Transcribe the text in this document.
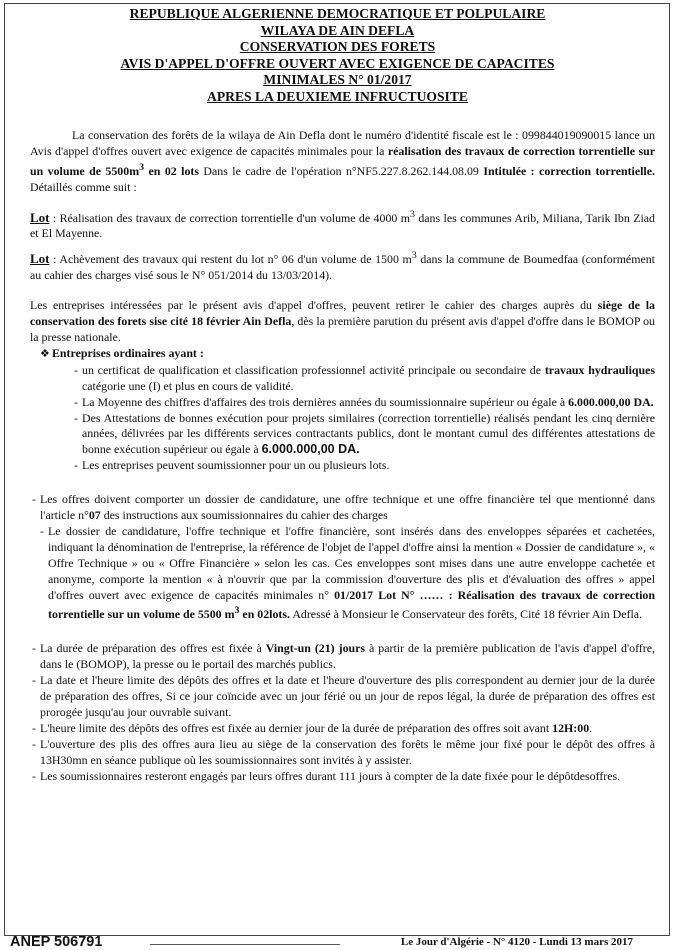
REPUBLIQUE ALGERIENNE DEMOCRATIQUE ET POLPULAIRE
WILAYA DE AIN DEFLA
CONSERVATION DES FORETS
AVIS D'APPEL D'OFFRE OUVERT AVEC EXIGENCE DE CAPACITES
MINIMALES N° 01/2017
APRES LA DEUXIEME INFRUCTUOSITE

La conservation des forêts de la wilaya de Ain Defla dont le numéro d'identité fiscale est le : 099844019090015 lance un Avis d'appel d'offres ouvert avec exigence de capacités minimales pour la réalisation des travaux de correction torrentielle sur un volume de $5500m^3$ en 02 lots Dans le cadre de l'opération n°NF5.227.8.262.144.08.09 Intitulée : correction torrentielle. Détaillés comme suit :

Lot : Réalisation des travaux de correction torrentielle d'un volume de 4000 $m^3$ dans les communes Arib, Miliana, Tarik Ibn Ziad et El Mayenne.

Lot : Achèvement des travaux qui restent du lot n° 06 d'un volume de 1500 $m^3$ dans la commune de Boumedfaa (conformément au cahier des charges visé sous le N° 051/2014 du 13/03/2014).

Les entreprises intéressées par le présent avis d'appel d'offres, peuvent retirer le cahier des charges auprès du siège de la conservation des forets sise cité 18 février Ain Defla, dès la première parution du présent avis d'appel d'offre dans le BOMOP ou la presse nationale.

❖ Entreprises ordinaires ayant :

- un certificat de qualification et classification professionnel activité principale ou secondaire de travaux hydrauliques catégorie une (I) et plus en cours de validité.

- La Moyenne des chiffres d'affaires des trois dernières années du soumissionnaire supérieur ou égale à 6.000.000,00 DA.

- Des Attestations de bonnes exécution pour projets similaires (correction torrentielle) réalisés pendant les cinq dernière années, délivrées par les différents services contractants publics, dont le montant cumul des différentes attestations de bonne exécution supérieur ou égale à 6.000.000,00 DA.

- Les entreprises peuvent soumissionner pour un ou plusieurs lots.

- Les offres doivent comporter un dossier de candidature, une offre technique et une offre financière tel que mentionné dans l'article n°07 des instructions aux soumissionnaires du cahier des charges

- Le dossier de candidature, l'offre technique et l'offre financière, sont insérés dans des enveloppes séparées et cachetées, indiquant la dénomination de l'entreprise, la référence de l'objet de l'appel d'offre ainsi la mention « Dossier de candidature », « Offre Technique » ou « Offre Financière » selon les cas. Ces enveloppes sont mises dans une autre enveloppe cachetée et anonyme, comporte la mention « à n'ouvrir que par la commission d'ouverture des plis et d'évaluation des offres » appel d'offres ouvert avec exigence de capacités minimales n° 01/2017 Lot N° …… : Réalisation des travaux de correction torrentielle sur un volume de 5500 $m^3$ en 02lots. Adressé à Monsieur le Conservateur des forêts, Cité 18 février Ain Defla.

- La durée de préparation des offres est fixée à Vingt-un (21) jours à partir de la première publication de l'avis d'appel d'offre, dans le (BOMOP), la presse ou le portail des marchés publics.

- La date et l'heure limite des dépôts des offres et la date et l'heure d'ouverture des plis correspondent au dernier jour de la durée de préparation des offres, Si ce jour coïncide avec un jour férié ou un jour de repos légal, la durée de préparation des offres est prorogée jusqu'au jour ouvrable suivant.

- L'heure limite des dépôts des offres est fixée au dernier jour de la durée de préparation des offres soit avant 12H:00.

- L'ouverture des plis des offres aura lieu au siège de la conservation des forêts le même jour fixé pour le dépôt des offres à 13H30mn en séance publique où les soumissionnaires sont invités à y assister.

- Les soumissionnaires resteront engagés par leurs offres durant 111 jours à compter de la date fixée pour le dépôtdesoffres.

ANEP 506791	Le Jour d'Algérie - N° 4120 - Lundi 13 mars 2017
